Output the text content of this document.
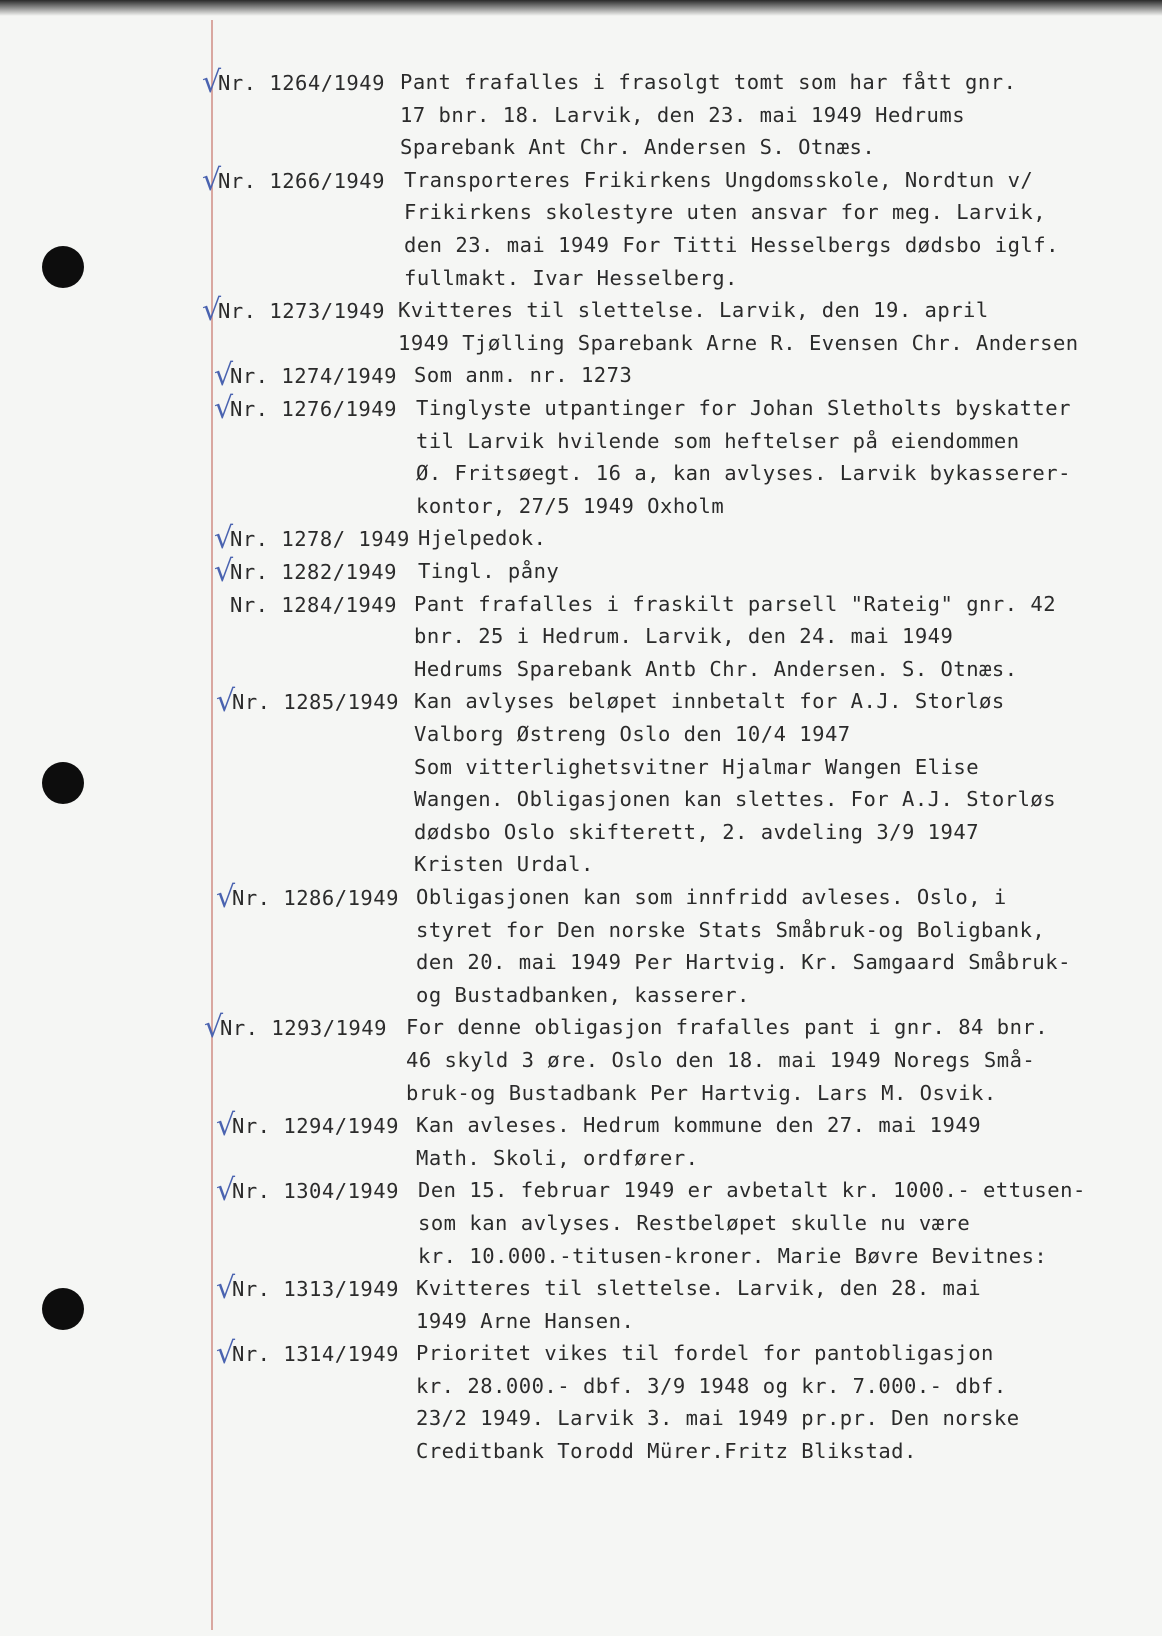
√
Nr. 1264/1949 Pant frafalles i frasolgt tomt som har fått gnr.
17 bnr. 18. Larvik, den 23. mai 1949 Hedrums
Sparebank Ant Chr. Andersen S. Otnæs.
√
Nr. 1266/1949 Transporteres Frikirkens Ungdomsskole, Nordtun v/
Frikirkens skolestyre uten ansvar for meg. Larvik,
den 23. mai 1949 For Titti Hesselbergs dødsbo iglf.
fullmakt. Ivar Hesselberg.
√
Nr. 1273/1949 Kvitteres til slettelse. Larvik, den 19. april
1949 Tjølling Sparebank Arne R. Evensen Chr. Andersen
√
Nr. 1274/1949 Som anm. nr. 1273
√
Nr. 1276/1949 Tinglyste utpantinger for Johan Sletholts byskatter
til Larvik hvilende som heftelser på eiendommen
Ø. Fritsøegt. 16 a, kan avlyses. Larvik bykasserer-
kontor, 27/5 1949 Oxholm
√
Nr. 1278/ 1949 Hjelpedok.
√
Nr. 1282/1949 Tingl. påny
Nr. 1284/1949 Pant frafalles i fraskilt parsell "Rateig" gnr. 42
bnr. 25 i Hedrum. Larvik, den 24. mai 1949
Hedrums Sparebank Antb Chr. Andersen. S. Otnæs.
√
Nr. 1285/1949 Kan avlyses beløpet innbetalt for A.J. Storløs
Valborg Østreng Oslo den 10/4 1947
Som vitterlighetsvitner Hjalmar Wangen Elise
Wangen. Obligasjonen kan slettes. For A.J. Storløs
dødsbo Oslo skifterett, 2. avdeling 3/9 1947
Kristen Urdal.
√
Nr. 1286/1949 Obligasjonen kan som innfridd avleses. Oslo, i
styret for Den norske Stats Småbruk-og Boligbank,
den 20. mai 1949 Per Hartvig. Kr. Samgaard Småbruk-
og Bustadbanken, kasserer.
√
Nr. 1293/1949 For denne obligasjon frafalles pant i gnr. 84 bnr.
46 skyld 3 øre. Oslo den 18. mai 1949 Noregs Små-
bruk-og Bustadbank Per Hartvig. Lars M. Osvik.
√
Nr. 1294/1949 Kan avleses. Hedrum kommune den 27. mai 1949
Math. Skoli, ordfører.
√
Nr. 1304/1949 Den 15. februar 1949 er avbetalt kr. 1000.- ettusen-
som kan avlyses. Restbeløpet skulle nu være
kr. 10.000.-titusen-kroner. Marie Bøvre Bevitnes:
√
Nr. 1313/1949 Kvitteres til slettelse. Larvik, den 28. mai
1949 Arne Hansen.
√
Nr. 1314/1949 Prioritet vikes til fordel for pantobligasjon
kr. 28.000.- dbf. 3/9 1948 og kr. 7.000.- dbf.
23/2 1949. Larvik 3. mai 1949 pr.pr. Den norske
Creditbank Torodd Mürer.Fritz Blikstad.
